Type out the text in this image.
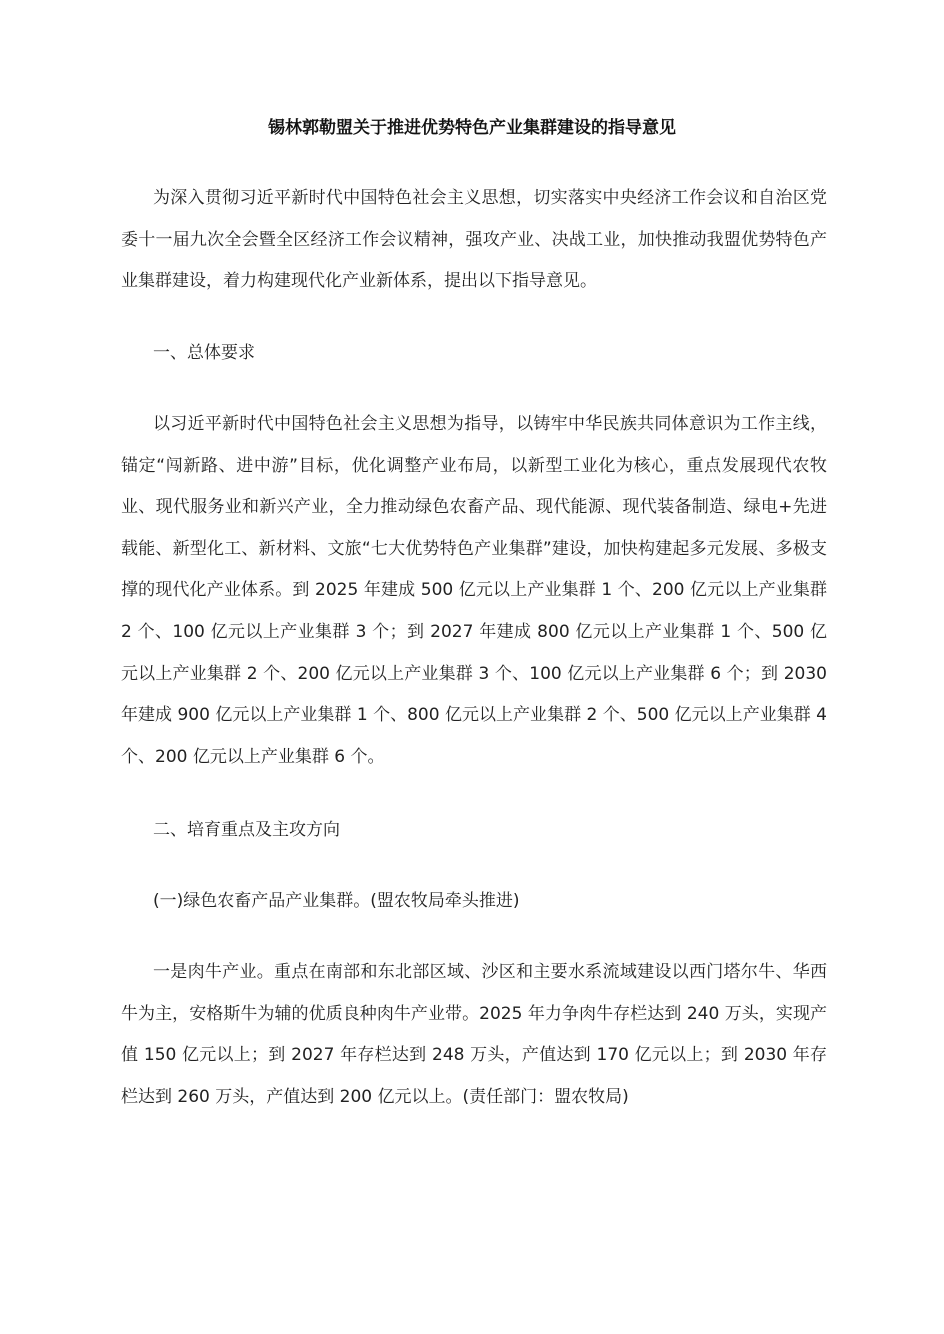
锡林郭勒盟关于推进优势特色产业集群建设的指导意见

为深入贯彻习近平新时代中国特色社会主义思想，切实落实中央经济工作会议和自治区党委十一届九次全会暨全区经济工作会议精神，强攻产业、决战工业，加快推动我盟优势特色产业集群建设，着力构建现代化产业新体系，提出以下指导意见。

一、总体要求

以习近平新时代中国特色社会主义思想为指导，以铸牢中华民族共同体意识为工作主线，锚定“闯新路、进中游”目标，优化调整产业布局，以新型工业化为核心，重点发展现代农牧业、现代服务业和新兴产业，全力推动绿色农畜产品、现代能源、现代装备制造、绿电+先进载能、新型化工、新材料、文旅“七大优势特色产业集群”建设，加快构建起多元发展、多极支撑的现代化产业体系。到 2025 年建成 500 亿元以上产业集群 1 个、200 亿元以上产业集群 2 个、100 亿元以上产业集群 3 个；到 2027 年建成 800 亿元以上产业集群 1 个、500 亿元以上产业集群 2 个、200 亿元以上产业集群 3 个、100 亿元以上产业集群 6 个；到 2030 年建成 900 亿元以上产业集群 1 个、800 亿元以上产业集群 2 个、500 亿元以上产业集群 4 个、200 亿元以上产业集群 6 个。

二、培育重点及主攻方向
(一)绿色农畜产品产业集群。(盟农牧局牵头推进)

一是肉牛产业。重点在南部和东北部区域、沙区和主要水系流域建设以西门塔尔牛、华西牛为主，安格斯牛为辅的优质良种肉牛产业带。2025 年力争肉牛存栏达到 240 万头，实现产值 150 亿元以上；到 2027 年存栏达到 248 万头，产值达到 170 亿元以上；到 2030 年存栏达到 260 万头，产值达到 200 亿元以上。(责任部门：盟农牧局)
